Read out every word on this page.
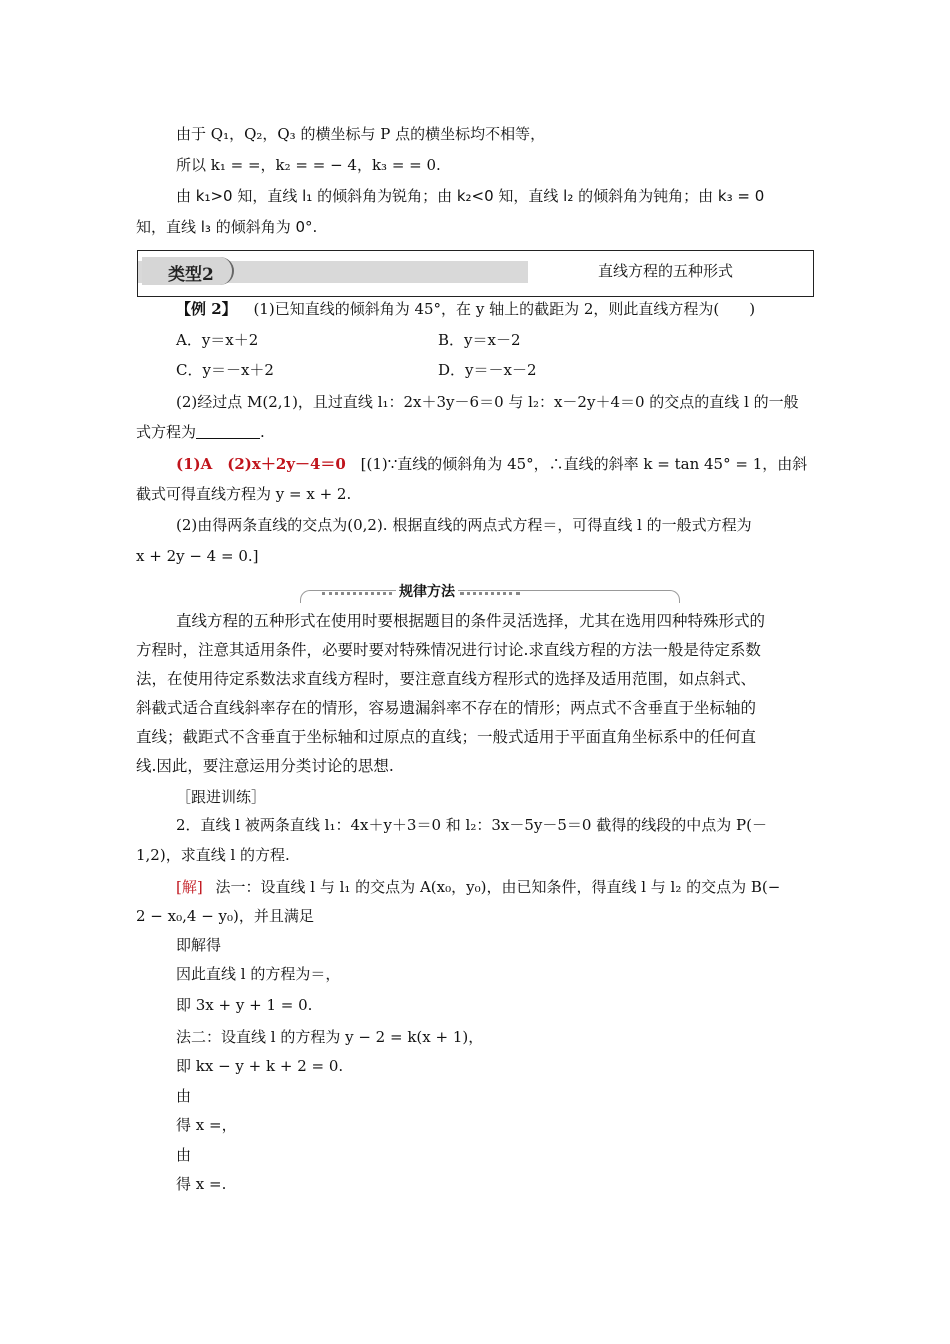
由于 Q₁，Q₂，Q₃ 的横坐标与 P 点的横坐标均不相等，
所以 k₁ = =，k₂ = = − 4，k₃ = = 0.
由 k₁>0 知，直线 l₁ 的倾斜角为锐角；由 k₂<0 知，直线 l₂ 的倾斜角为钝角；由 k₃ = 0
知，直线 l₃ 的倾斜角为 0°.
类型2	直线方程的五种形式
【例 2】 (1)已知直线的倾斜角为 45°，在 y 轴上的截距为 2，则此直线方程为(　　)
A．y＝x＋2	B．y＝x－2
C．y＝－x＋2	D．y＝－x－2
(2)经过点 M(2,1)，且过直线 l₁：2x＋3y－6＝0 与 l₂：x－2y＋4＝0 的交点的直线 l 的一般
式方程为	.
(1)A　(2)x＋2y－4＝0 [(1)∵直线的倾斜角为 45°，∴直线的斜率 k = tan 45° = 1，由斜
截式可得直线方程为 y = x + 2.
(2)由得两条直线的交点为(0,2). 根据直线的两点式方程＝，可得直线 l 的一般式方程为
x + 2y − 4 = 0.]
规律方法
直线方程的五种形式在使用时要根据题目的条件灵活选择，尤其在选用四种特殊形式的
方程时，注意其适用条件，必要时要对特殊情况进行讨论.求直线方程的方法一般是待定系数
法，在使用待定系数法求直线方程时，要注意直线方程形式的选择及适用范围，如点斜式、
斜截式适合直线斜率存在的情形，容易遗漏斜率不存在的情形；两点式不含垂直于坐标轴的
直线；截距式不含垂直于坐标轴和过原点的直线；一般式适用于平面直角坐标系中的任何直
线.因此，要注意运用分类讨论的思想.
［跟进训练］
2．直线 l 被两条直线 l₁：4x＋y＋3＝0 和 l₂：3x－5y－5＝0 截得的线段的中点为 P(－
1,2)，求直线 l 的方程.
[解] 法一：设直线 l 与 l₁ 的交点为 A(x₀，y₀)，由已知条件，得直线 l 与 l₂ 的交点为 B(−
2 − x₀,4 − y₀)，并且满足
即解得
因此直线 l 的方程为＝，
即 3x + y + 1 = 0.
法二：设直线 l 的方程为 y − 2 = k(x + 1)，
即 kx − y + k + 2 = 0.
由
得 x =，
由
得 x =.
